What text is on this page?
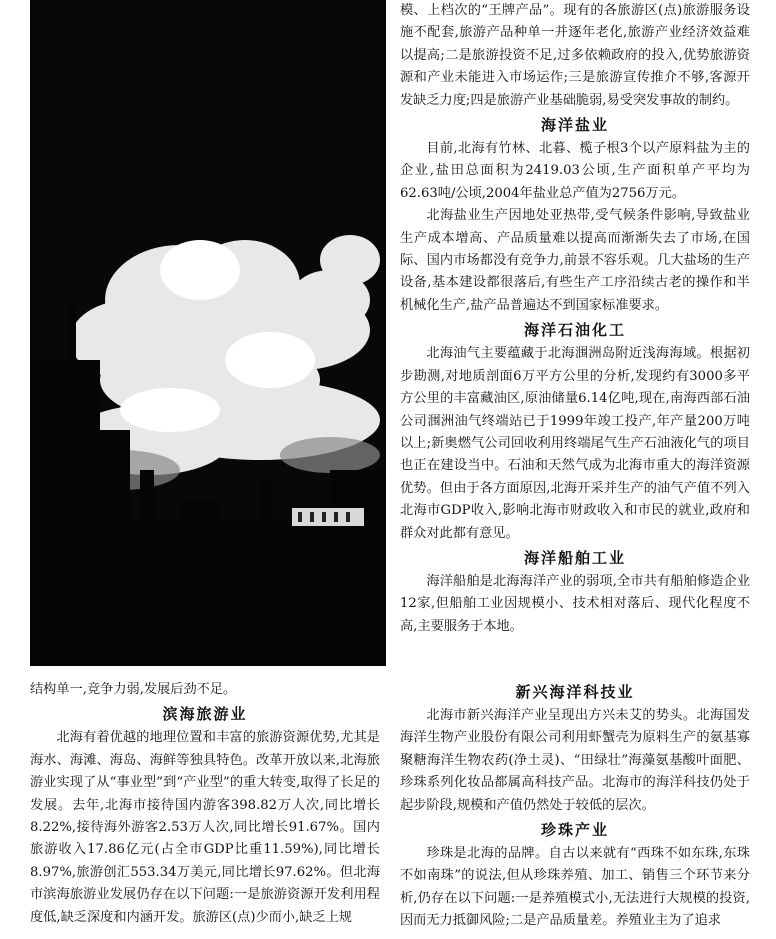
模、上档次的“王牌产品”。现有的各旅游区(点)旅游服务设施不配套,旅游产品种单一并逐年老化,旅游产业经济效益难以提高;二是旅游投资不足,过多依赖政府的投入,优势旅游资源和产业未能进入市场运作;三是旅游宣传推介不够,客源开发缺乏力度;四是旅游产业基础脆弱,易受突发事故的制约。

海洋盐业

目前,北海有竹林、北暮、榄子根3个以产原料盐为主的企业,盐田总面积为2419.03公顷,生产面积单产平均为62.63吨/公顷,2004年盐业总产值为2756万元。

北海盐业生产因地处亚热带,受气候条件影响,导致盐业生产成本增高、产品质量难以提高而渐渐失去了市场,在国际、国内市场都没有竞争力,前景不容乐观。几大盐场的生产设备,基本建设都很落后,有些生产工序沿续古老的操作和半机械化生产,盐产品普遍达不到国家标准要求。

海洋石油化工

北海油气主要蕴藏于北海涠洲岛附近浅海海域。根据初步勘测,对地质剖面6万平方公里的分析,发现约有3000多平方公里的丰富藏油区,原油储量6.14亿吨,现在,南海西部石油公司涠洲油气终端站已于1999年竣工投产,年产量200万吨以上;新奥燃气公司回收利用终端尾气生产石油液化气的项目也正在建设当中。石油和天然气成为北海市重大的海洋资源优势。但由于各方面原因,北海开采并生产的油气产值不列入北海市GDP收入,影响北海市财政收入和市民的就业,政府和群众对此都有意见。

海洋船舶工业

海洋船舶是北海海洋产业的弱项,全市共有船舶修造企业12家,但船舶工业因规模小、技术相对落后、现代化程度不高,主要服务于本地。

结构单一,竞争力弱,发展后劲不足。

滨海旅游业

北海有着优越的地理位置和丰富的旅游资源优势,尤其是海水、海滩、海岛、海鲜等独具特色。改革开放以来,北海旅游业实现了从“事业型”到“产业型”的重大转变,取得了长足的发展。去年,北海市接待国内游客398.82万人次,同比增长8.22%,接待海外游客2.53万人次,同比增长91.67%。国内旅游收入17.86亿元(占全市GDP比重11.59%),同比增长8.97%,旅游创汇553.34万美元,同比增长97.62%。但北海市滨海旅游业发展仍存在以下问题:一是旅游资源开发利用程度低,缺乏深度和内涵开发。旅游区(点)少而小,缺乏上规

新兴海洋科技业

北海市新兴海洋产业呈现出方兴未艾的势头。北海国发海洋生物产业股份有限公司利用虾蟹壳为原料生产的氨基寡聚糖海洋生物农药(净土灵)、“田绿壮”海藻氨基酸叶面肥、珍珠系列化妆品都属高科技产品。北海市的海洋科技仍处于起步阶段,规模和产值仍然处于较低的层次。

珍珠产业

珍珠是北海的品牌。自古以来就有“西珠不如东珠,东珠不如南珠”的说法,但从珍珠养殖、加工、销售三个环节来分析,仍存在以下问题:一是养殖模式小,无法进行大规模的投资,因而无力抵御风险;二是产品质量差。养殖业主为了追求
